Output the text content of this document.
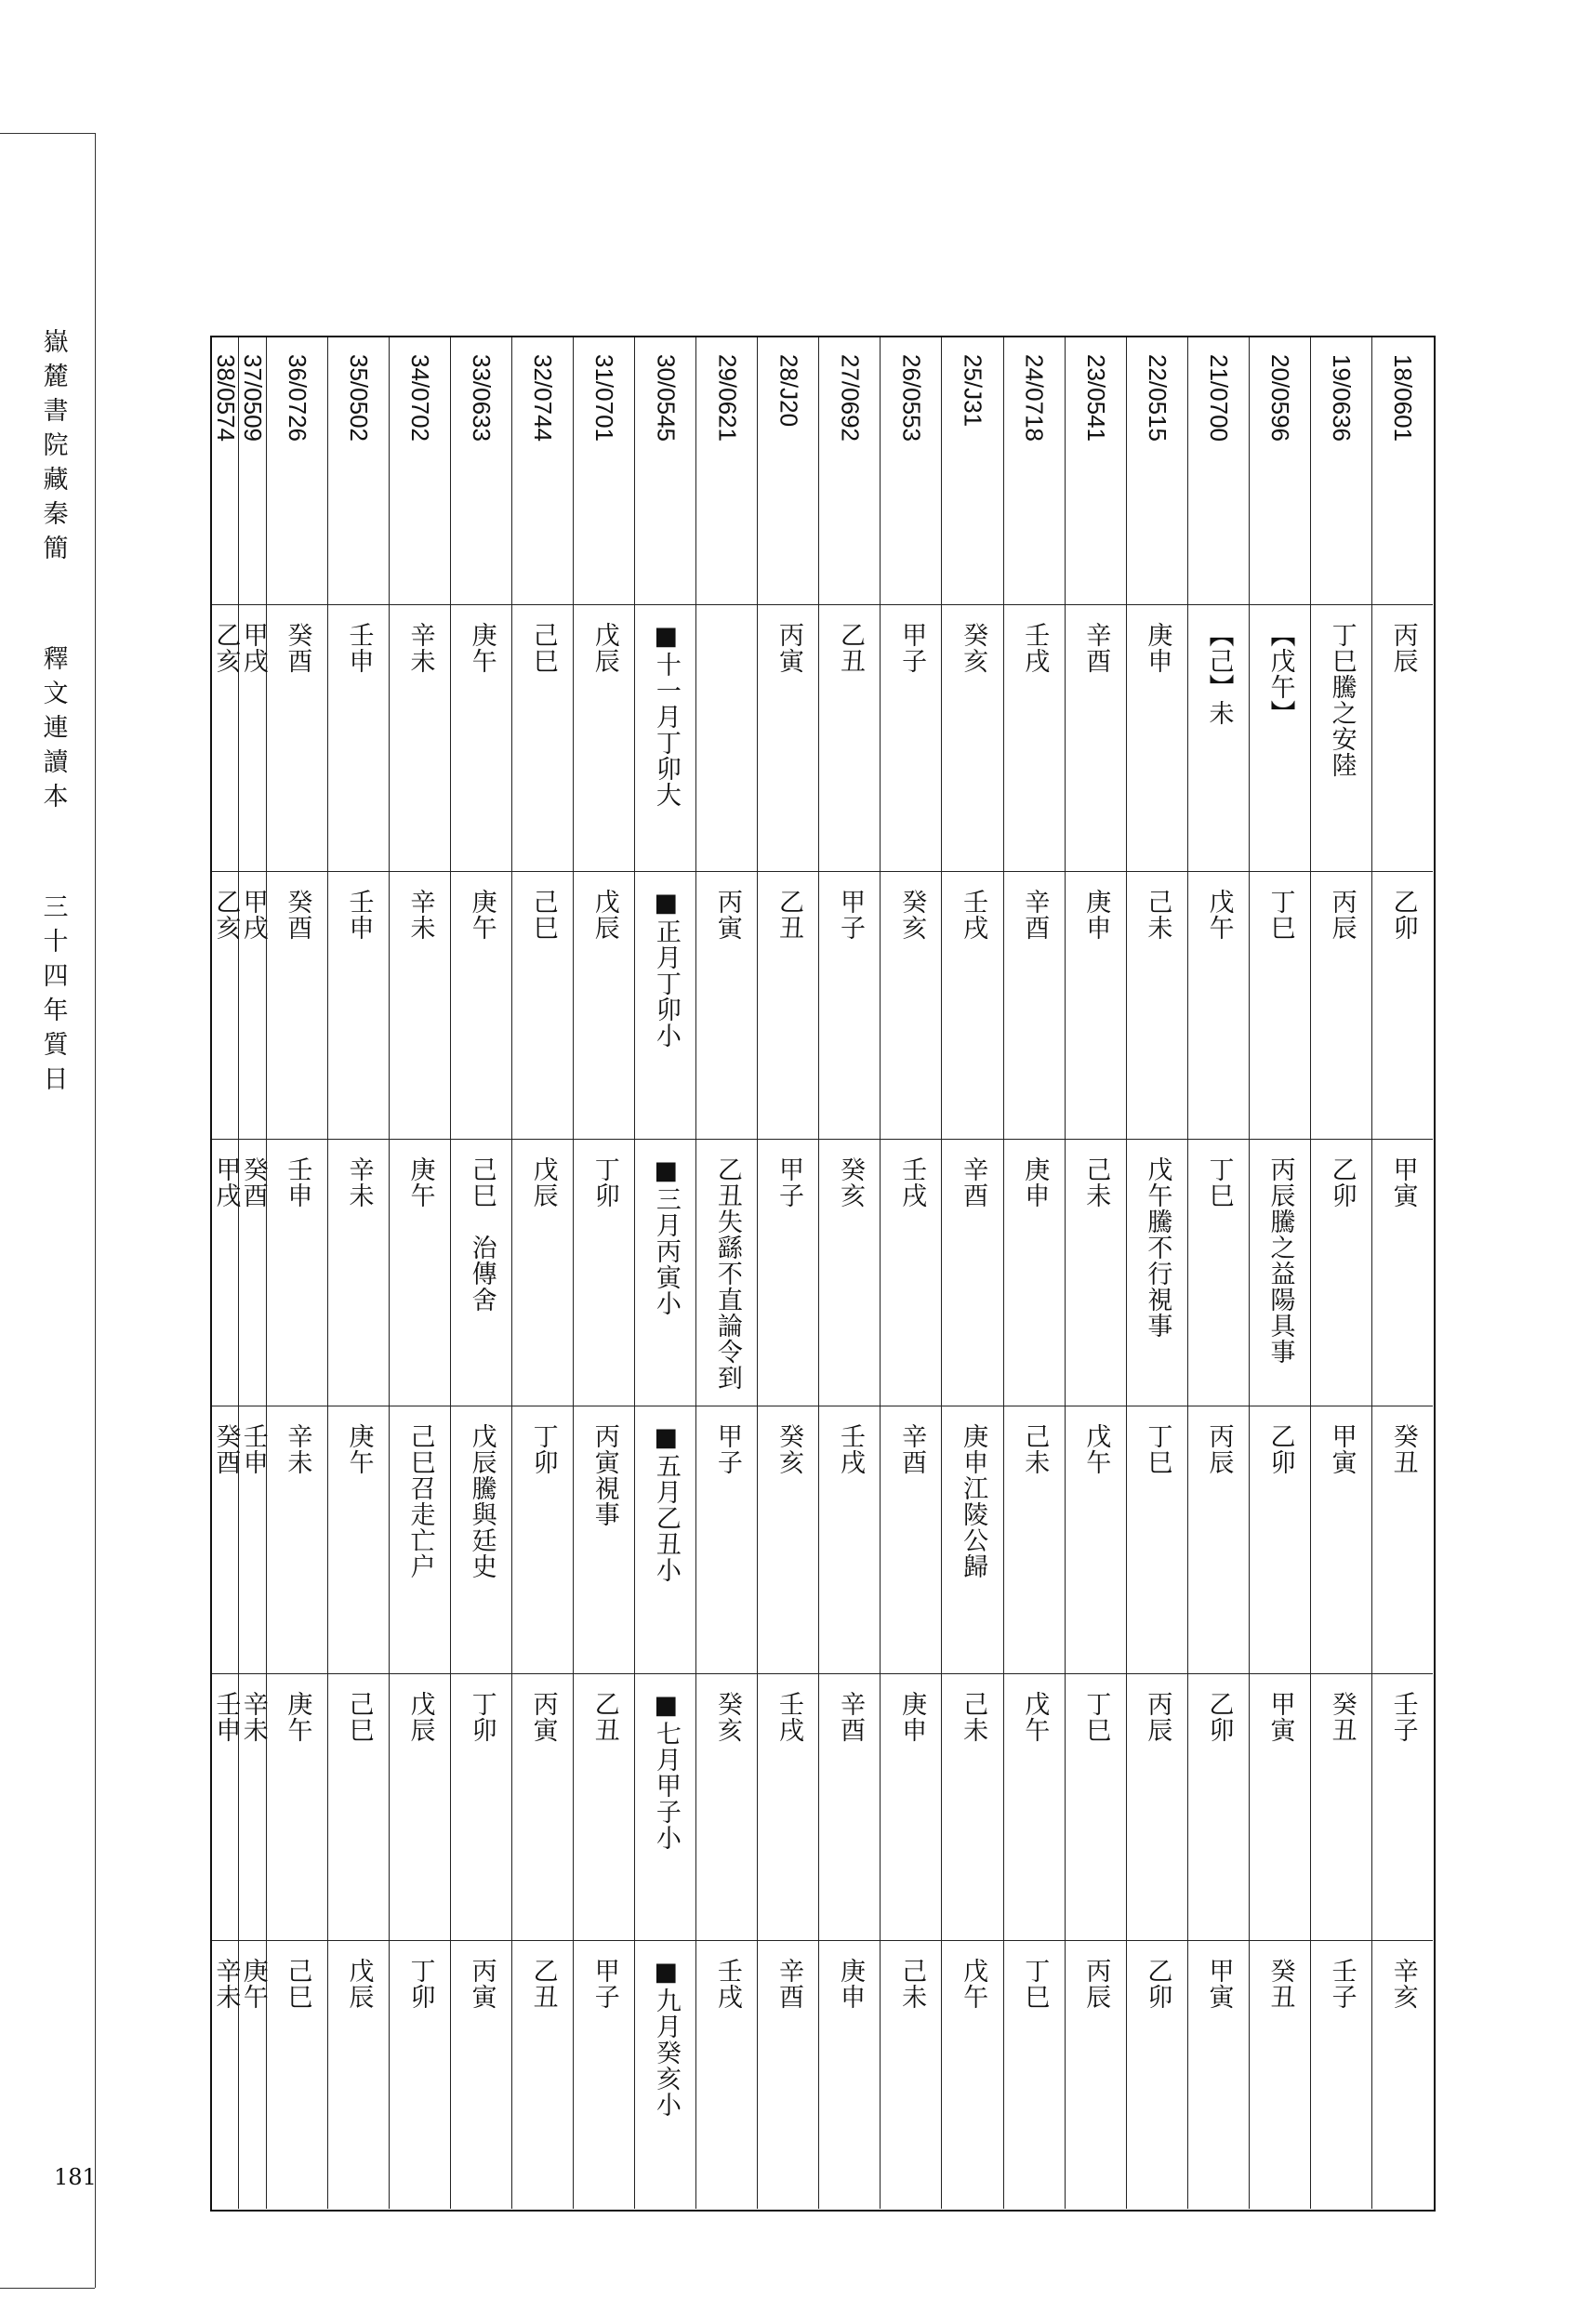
嶽
麓
書
院
藏
秦
簡
釋
文
連
讀
本
三
十
四
年
質
日
181
18/0601
丙辰
乙卯
甲寅
癸丑
壬子
辛亥
19/0636
丁巳騰之安陸
丙辰
乙卯
甲寅
癸丑
壬子
20/0596
【戊午】
丁巳
丙辰騰之益陽具事
乙卯
甲寅
癸丑
21/0700
【己】未
戊午
丁巳
丙辰
乙卯
甲寅
22/0515
庚申
己未
戊午騰不行視事
丁巳
丙辰
乙卯
23/0541
辛酉
庚申
己未
戊午
丁巳
丙辰
24/0718
壬戌
辛酉
庚申
己未
戊午
丁巳
25/J31
癸亥
壬戌
辛酉
庚申江陵公歸
己未
戊午
26/0553
甲子
癸亥
壬戌
辛酉
庚申
己未
27/0692
乙丑
甲子
癸亥
壬戌
辛酉
庚申
28/J20
丙寅
乙丑
甲子
癸亥
壬戌
辛酉
29/0621
丙寅
乙丑失繇不直論令到
甲子
癸亥
壬戌
30/0545
■十一月丁卯大
■正月丁卯小
■三月丙寅小
■五月乙丑小
■七月甲子小
■九月癸亥小
31/0701
戊辰
戊辰
丁卯
丙寅視事
乙丑
甲子
32/0744
己巳
己巳
戊辰
丁卯
丙寅
乙丑
33/0633
庚午
庚午
己巳　治傳舍
戊辰騰與廷史
丁卯
丙寅
34/0702
辛未
辛未
庚午
己巳召走亡户
戊辰
丁卯
35/0502
壬申
壬申
辛未
庚午
己巳
戊辰
36/0726
癸酉
癸酉
壬申
辛未
庚午
己巳
37/0509
甲戌
甲戌
癸酉
壬申
辛未
庚午
38/0574
乙亥
乙亥
甲戌
癸酉
壬申
辛未
